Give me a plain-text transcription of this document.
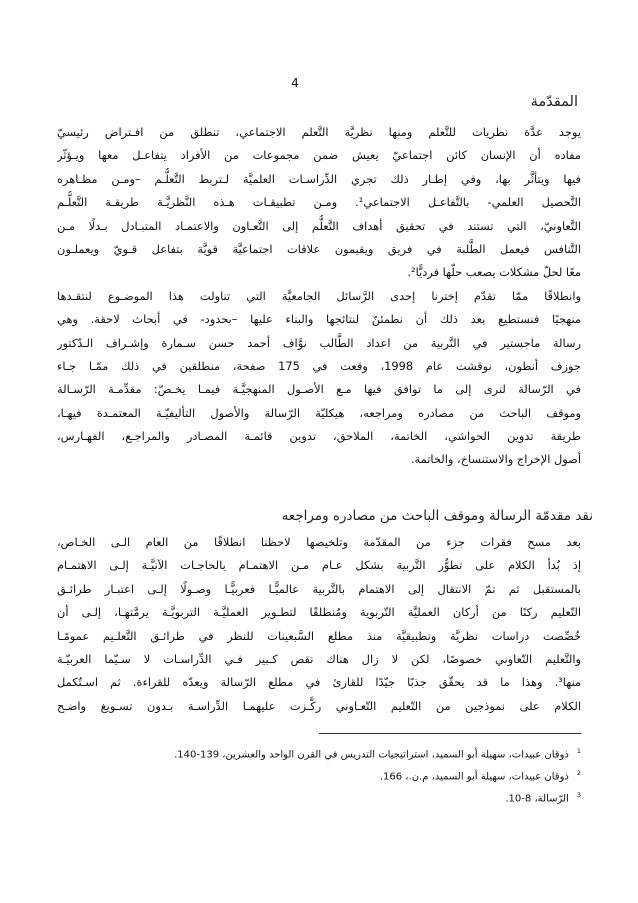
4
المقدّمة
يوجد عدَّة نظريات للتَّعلم ومنها نظريَّة التَّعلم الاجتماعي، تنطلق من افـتراض رئيسيّ
مفاده أن الإنسان كائن اجتماعيّ يعيش ضمن مجموعات من الأفراد يتفاعـل معها ويـؤثّر
فيها ويتأثَّر بها، وفي إطـار ذلك تجري الدِّراسـات العلميَّة لـتربط التَّعلُّـم –ومـن مظـاهره
التَّحصيل العلمي- بالتَّفاعـل الاجتماعي¹. ومـن تطبيقـات هـذه النَّظريَّـة طريقـة التَّعلُّـم
التَّعاونيّ، التي تستند في تحقيق أهداف التَّعلُّم إلى التَّعـاون والاعتمـاد المتبـادل بـدلًا مـن
التَّنافس فيعمل الطَّلبة في فريق ويقيمون علاقات اجتماعيَّة قويَّة بتفاعل قـويّ ويعملـون
معًا لحلّ مشكلات يصعب حلّها فرديًّا².
وانطلاقًا ممّا تقدّم إخترنا إحدى الرَّسائل الجامعيَّة التي تناولت هذا الموضـوع لنتقـدها
منهجيًا فنستطيع بعد ذلك أن نطمئنّ لنتائجها والبناء عليها –بحدود- في أبحاث لاحقة. وهي
رسالة ماجستير في التَّربية من اعداد الطَّالب نوَّاف أحمد حسن سـمارة وإشـراف الـدّكتور
جوزف أنطون، نوقشت عام 1998، وقعت في 175 صفحة، منطلقين في ذلك ممّـا جـاء
في الرّسالة لنرى إلى ما توافق فيها مـع الأصـول المنهجيَّـة فيمـا يخـصّ: مقدِّمـة الرّسـالة
وموقف الباحث من مصادره ومراجعه، هيكليّة الرّسالة والأصول التأليفيّـة المعتمـدة فيهـا،
طريقة تدوين الحواشي، الخاتمة، الملاحق، تدوين قائمـة المصـادر والمراجـع، الفهـارس،
أصول الإخراج والاستنساخ، والخاتمة.
نقد مقدمّة الرسالة وموقف الباحث من مصادره ومراجعه
بعد مسح فقرات جزء من المقدّمة وتلخيصها لاحظنا انطلاقًا من العام الـى الخـاص،
إذ بُدأ الكلام على تطوُّر التَّربية بشكل عـام مـن الاهتمـام بالحاجـات الآنيَّـة إلـى الاهتمـام
بالمستقبل ثم تمّ الانتقال إلى الاهتمام بالتَّربية عالميًّـا فعربيًّـا وصـولًا إلـى اعتبـار طرائـق
التّعليم ركنًا من أركان العمليَّة التّربوية ومُنطلقًا لتطـوير العمليَّـة التربويَّـة يرمَّتهـا، إلـى أن
خُصِّصت دراسات نظريَّة وتطبيقيَّة منذ مطلع السَّبعينات للنظر في طرائـق التَّعلـيم عمومًـا
والتَّعليم التّعاوني خصوصًا، لكن لا زال هناك نقص كـبير فـي الدِّراسـات لا سـيّما العربيّـة
منها³. وهذا ما قد يحقّق جذبًا جيّدًا للقارئ في مطلع الرّسالة ويعدّه للقراءة. ثم اسـتُكمل
الكلام على نموذجين من التّعليم التّعـاوني ركَّـزت عليهمـا الدِّراسـة بـدون تسـويغ واضـح
$^1$ذوقان عبيدات، سهيلة أبو السميد، استراتيجيات التدريس في القرن الواحد والعشرين، 139-140.
$^2$ذوقان عبيدات، سهيلة أبو السميد، م.ن.، 166.
$^3$الرّسالة، 8-10.
